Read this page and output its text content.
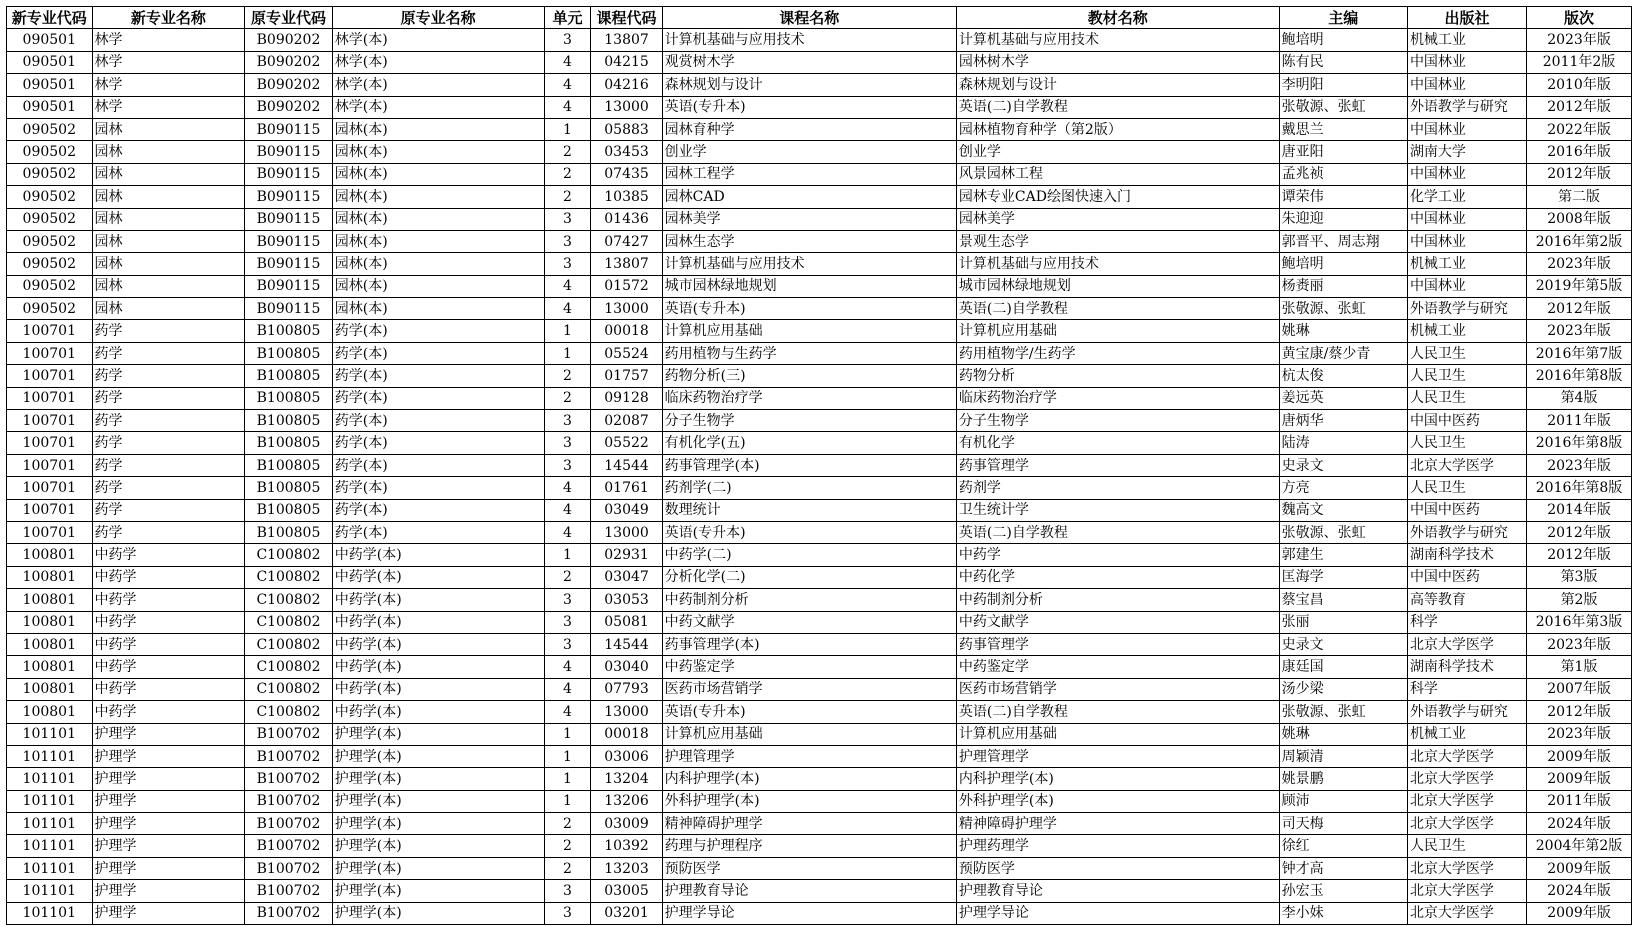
新专业代码	新专业名称	原专业代码	原专业名称	单元	课程代码	课程名称	教材名称	主编	出版社	版次
090501	林学	B090202	林学(本)	3	13807	计算机基础与应用技术	计算机基础与应用技术	鲍培明	机械工业	2023年版
090501	林学	B090202	林学(本)	4	04215	观赏树木学	园林树木学	陈有民	中国林业	2011年2版
090501	林学	B090202	林学(本)	4	04216	森林规划与设计	森林规划与设计	李明阳	中国林业	2010年版
090501	林学	B090202	林学(本)	4	13000	英语(专升本)	英语(二)自学教程	张敬源、张虹	外语教学与研究	2012年版
090502	园林	B090115	园林(本)	1	05883	园林育种学	园林植物育种学（第2版）	戴思兰	中国林业	2022年版
090502	园林	B090115	园林(本)	2	03453	创业学	创业学	唐亚阳	湖南大学	2016年版
090502	园林	B090115	园林(本)	2	07435	园林工程学	风景园林工程	孟兆祯	中国林业	2012年版
090502	园林	B090115	园林(本)	2	10385	园林CAD	园林专业CAD绘图快速入门	谭荣伟	化学工业	第二版
090502	园林	B090115	园林(本)	3	01436	园林美学	园林美学	朱迎迎	中国林业	2008年版
090502	园林	B090115	园林(本)	3	07427	园林生态学	景观生态学	郭晋平、周志翔	中国林业	2016年第2版
090502	园林	B090115	园林(本)	3	13807	计算机基础与应用技术	计算机基础与应用技术	鲍培明	机械工业	2023年版
090502	园林	B090115	园林(本)	4	01572	城市园林绿地规划	城市园林绿地规划	杨赉丽	中国林业	2019年第5版
090502	园林	B090115	园林(本)	4	13000	英语(专升本)	英语(二)自学教程	张敬源、张虹	外语教学与研究	2012年版
100701	药学	B100805	药学(本)	1	00018	计算机应用基础	计算机应用基础	姚琳	机械工业	2023年版
100701	药学	B100805	药学(本)	1	05524	药用植物与生药学	药用植物学/生药学	黄宝康/蔡少青	人民卫生	2016年第7版
100701	药学	B100805	药学(本)	2	01757	药物分析(三)	药物分析	杭太俊	人民卫生	2016年第8版
100701	药学	B100805	药学(本)	2	09128	临床药物治疗学	临床药物治疗学	姜远英	人民卫生	第4版
100701	药学	B100805	药学(本)	3	02087	分子生物学	分子生物学	唐炳华	中国中医药	2011年版
100701	药学	B100805	药学(本)	3	05522	有机化学(五)	有机化学	陆涛	人民卫生	2016年第8版
100701	药学	B100805	药学(本)	3	14544	药事管理学(本)	药事管理学	史录文	北京大学医学	2023年版
100701	药学	B100805	药学(本)	4	01761	药剂学(二)	药剂学	方亮	人民卫生	2016年第8版
100701	药学	B100805	药学(本)	4	03049	数理统计	卫生统计学	魏高文	中国中医药	2014年版
100701	药学	B100805	药学(本)	4	13000	英语(专升本)	英语(二)自学教程	张敬源、张虹	外语教学与研究	2012年版
100801	中药学	C100802	中药学(本)	1	02931	中药学(二)	中药学	郭建生	湖南科学技术	2012年版
100801	中药学	C100802	中药学(本)	2	03047	分析化学(二)	中药化学	匡海学	中国中医药	第3版
100801	中药学	C100802	中药学(本)	3	03053	中药制剂分析	中药制剂分析	蔡宝昌	高等教育	第2版
100801	中药学	C100802	中药学(本)	3	05081	中药文献学	中药文献学	张丽	科学	2016年第3版
100801	中药学	C100802	中药学(本)	3	14544	药事管理学(本)	药事管理学	史录文	北京大学医学	2023年版
100801	中药学	C100802	中药学(本)	4	03040	中药鉴定学	中药鉴定学	康廷国	湖南科学技术	第1版
100801	中药学	C100802	中药学(本)	4	07793	医药市场营销学	医药市场营销学	汤少梁	科学	2007年版
100801	中药学	C100802	中药学(本)	4	13000	英语(专升本)	英语(二)自学教程	张敬源、张虹	外语教学与研究	2012年版
101101	护理学	B100702	护理学(本)	1	00018	计算机应用基础	计算机应用基础	姚琳	机械工业	2023年版
101101	护理学	B100702	护理学(本)	1	03006	护理管理学	护理管理学	周颖清	北京大学医学	2009年版
101101	护理学	B100702	护理学(本)	1	13204	内科护理学(本)	内科护理学(本)	姚景鹏	北京大学医学	2009年版
101101	护理学	B100702	护理学(本)	1	13206	外科护理学(本)	外科护理学(本)	顾沛	北京大学医学	2011年版
101101	护理学	B100702	护理学(本)	2	03009	精神障碍护理学	精神障碍护理学	司天梅	北京大学医学	2024年版
101101	护理学	B100702	护理学(本)	2	10392	药理与护理程序	护理药理学	徐红	人民卫生	2004年第2版
101101	护理学	B100702	护理学(本)	2	13203	预防医学	预防医学	钟才高	北京大学医学	2009年版
101101	护理学	B100702	护理学(本)	3	03005	护理教育导论	护理教育导论	孙宏玉	北京大学医学	2024年版
101101	护理学	B100702	护理学(本)	3	03201	护理学导论	护理学导论	李小妹	北京大学医学	2009年版
